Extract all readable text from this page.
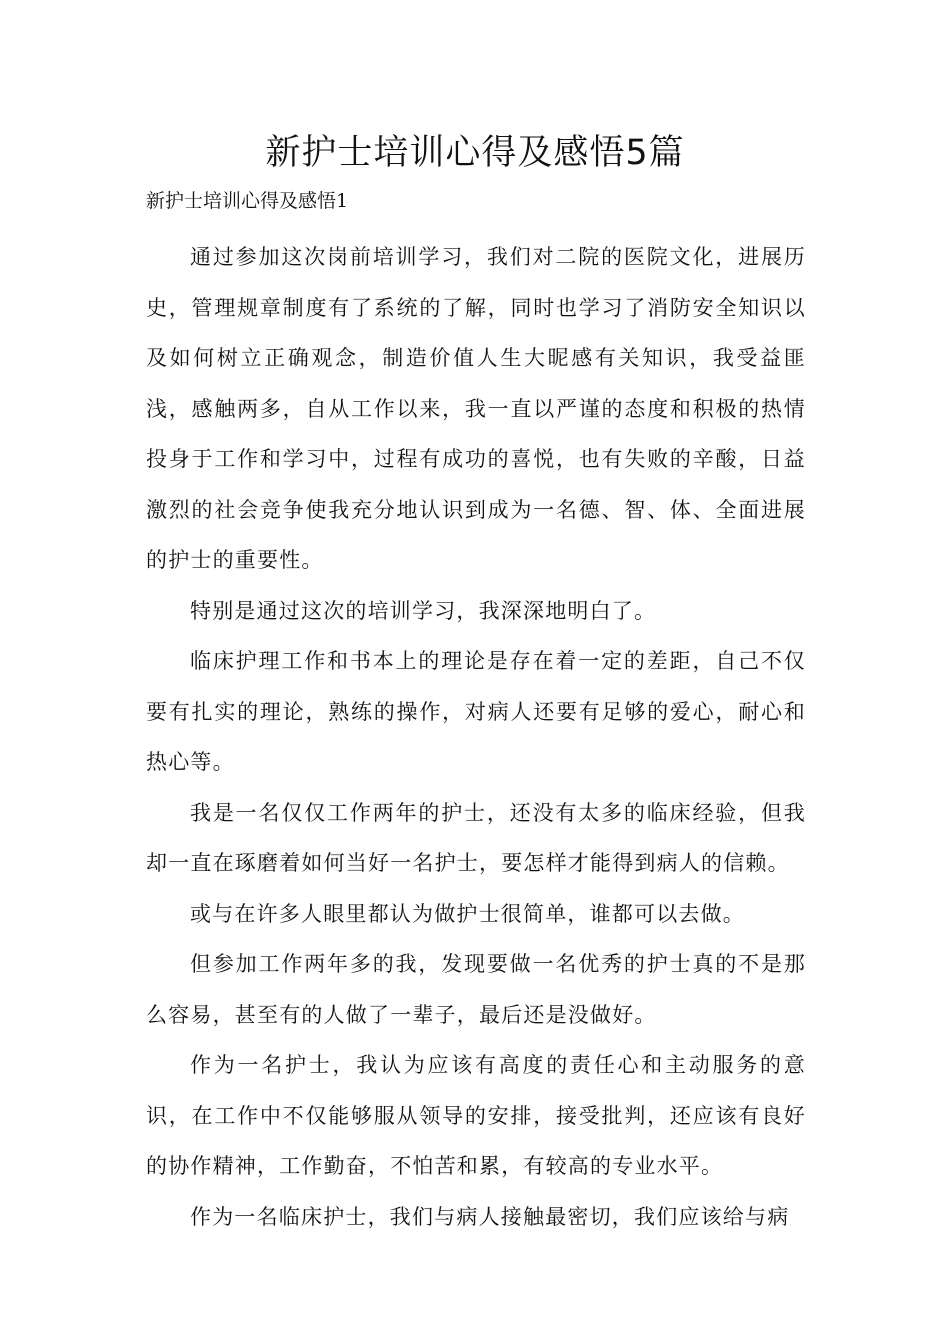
新护士培训心得及感悟5篇

新护士培训心得及感悟1

通过参加这次岗前培训学习，我们对二院的医院文化，进展历史，管理规章制度有了系统的了解，同时也学习了消防安全知识以及如何树立正确观念，制造价值人生大昵感有关知识，我受益匪浅，感触两多，自从工作以来，我一直以严谨的态度和积极的热情投身于工作和学习中，过程有成功的喜悦，也有失败的辛酸，日益激烈的社会竞争使我充分地认识到成为一名德、智、体、全面进展的护士的重要性。

特别是通过这次的培训学习，我深深地明白了。

临床护理工作和书本上的理论是存在着一定的差距，自己不仅要有扎实的理论，熟练的操作，对病人还要有足够的爱心，耐心和热心等。

我是一名仅仅工作两年的护士，还没有太多的临床经验，但我却一直在琢磨着如何当好一名护士，要怎样才能得到病人的信赖。

或与在许多人眼里都认为做护士很简单，谁都可以去做。

但参加工作两年多的我，发现要做一名优秀的护士真的不是那么容易，甚至有的人做了一辈子，最后还是没做好。

作为一名护士，我认为应该有高度的责任心和主动服务的意识，在工作中不仅能够服从领导的安排，接受批判，还应该有良好的协作精神，工作勤奋，不怕苦和累，有较高的专业水平。

作为一名临床护士，我们与病人接触最密切，我们应该给与病
